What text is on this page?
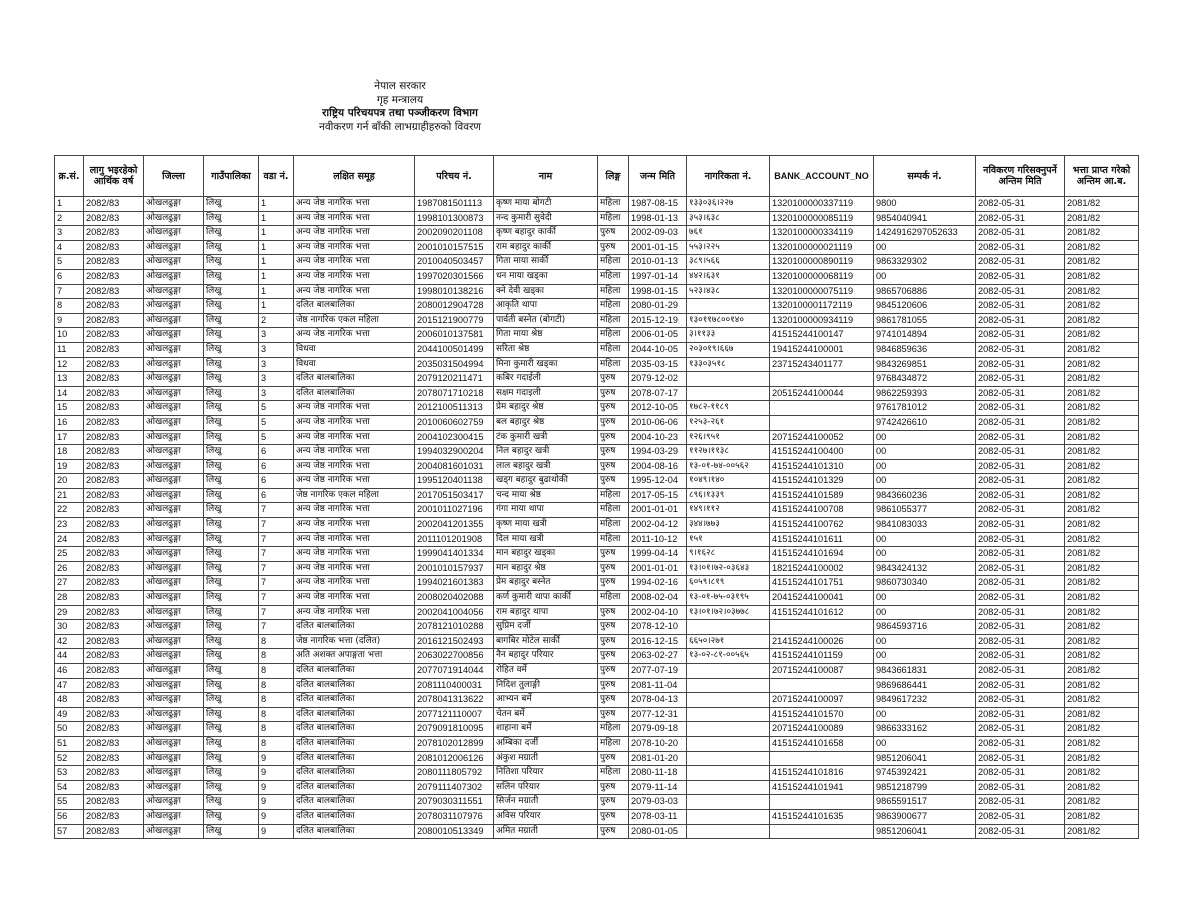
नेपाल सरकार
गृह मन्त्रालय
राष्ट्रिय परिचयपत्र तथा पञ्जीकरण विभाग
नवीकरण गर्न बाँकी लाभग्राहीहरुको विवरण
क्र.सं.	लागु भइरहेको आर्थिक वर्ष	जिल्ला	गाउँपालिका	वडा नं.	लक्षित समूह	परिचय नं.	नाम	लिङ्ग	जन्म मिति	नागरिकता नं.	BANK_ACCOUNT_NO	सम्पर्क नं.	नविकरण गरिसक्नुपर्ने अन्तिम मिति	भत्ता प्राप्त गरेको अन्तिम आ.ब.
1	2082/83	ओखलढुङ्गा	लिखु	1	अन्य जेष्ठ नागरिक भत्ता	1987081501113	कृष्ण माया बोगटी	महिला	1987-08-15	१३३०३६।२२७	1320100000337119	9800	2082-05-31	2081/82
2	2082/83	ओखलढुङ्गा	लिखु	1	अन्य जेष्ठ नागरिक भत्ता	1998101300873	नन्द कुमारी सुवेदी	महिला	1998-01-13	३५३।६३८	1320100000085119	9854040941	2082-05-31	2081/82
3	2082/83	ओखलढुङ्गा	लिखु	1	अन्य जेष्ठ नागरिक भत्ता	2002090201108	कृष्ण बहादुर कार्की	पुरुष	2002-09-03	७६१	1320100000334119	1424916297052633	2082-05-31	2081/82
4	2082/83	ओखलढुङ्गा	लिखु	1	अन्य जेष्ठ नागरिक भत्ता	2001010157515	राम बहादुर कार्की	पुरुष	2001-01-15	५५३।२२५	1320100000021119	00	2082-05-31	2081/82
5	2082/83	ओखलढुङ्गा	लिखु	1	अन्य जेष्ठ नागरिक भत्ता	2010040503457	गिता माया सार्की	महिला	2010-01-13	३८९।५६६	1320100000890119	9863329302	2082-05-31	2081/82
6	2082/83	ओखलढुङ्गा	लिखु	1	अन्य जेष्ठ नागरिक भत्ता	1997020301566	धन माया खड्का	महिला	1997-01-14	४४२।६३१	1320100000068119	00	2082-05-31	2081/82
7	2082/83	ओखलढुङ्गा	लिखु	1	अन्य जेष्ठ नागरिक भत्ता	1998010138216	क्ने देवी खड्का	महिला	1998-01-15	५२३।४३८	1320100000075119	9865706886	2082-05-31	2081/82
8	2082/83	ओखलढुङ्गा	लिखु	1	दलित बालबालिका	2080012904728	आकृति थापा	महिला	2080-01-29		1320100001172119	9845120606	2082-05-31	2081/82
9	2082/83	ओखलढुङ्गा	लिखु	2	जेष्ठ नागरिक एकल महिला	2015121900779	पार्वती बस्नेत (बोगटी)	महिला	2015-12-19	१३०११७८००१४०	1320100000934119	9861781055	2082-05-31	2081/82
10	2082/83	ओखलढुङ्गा	लिखु	3	अन्य जेष्ठ नागरिक भत्ता	2006010137581	गिता माया श्रेष्ठ	महिला	2006-01-05	३।११३३	41515244100147	9741014894	2082-05-31	2081/82
11	2082/83	ओखलढुङ्गा	लिखु	3	विधवा	2044100501499	सरिता श्रेष्ठ	महिला	2044-10-05	२०३०१९।६६७	19415244100001	9846859636	2082-05-31	2081/82
12	2082/83	ओखलढुङ्गा	लिखु	3	विधवा	2035031504994	मिना कुमारी खड्का	महिला	2035-03-15	१३३०३५१८	23715243401177	9843269851	2082-05-31	2081/82
13	2082/83	ओखलढुङ्गा	लिखु	3	दलित बालबालिका	2079120211471	कबिर गदाईली	पुरुष	2079-12-02			9768434872	2082-05-31	2081/82
14	2082/83	ओखलढुङ्गा	लिखु	3	दलित बालबालिका	2078071710218	सक्षम गदाइली	पुरुष	2078-07-17		20515244100044	9862259393	2082-05-31	2081/82
15	2082/83	ओखलढुङ्गा	लिखु	5	अन्य जेष्ठ नागरिक भत्ता	2012100511313	प्रेम बहादुर श्रेष्ठ	पुरुष	2012-10-05	१७८२-११८९		9761781012	2082-05-31	2081/82
16	2082/83	ओखलढुङ्गा	लिखु	5	अन्य जेष्ठ नागरिक भत्ता	2010060602759	बल बहादुर श्रेष्ठ	पुरुष	2010-06-06	१२५३-२६१		9742426610	2082-05-31	2081/82
17	2082/83	ओखलढुङ्गा	लिखु	5	अन्य जेष्ठ नागरिक भत्ता	2004102300415	टंक कुमारी खत्री	पुरुष	2004-10-23	१२६।९५१	20715244100052	00	2082-05-31	2081/82
18	2082/83	ओखलढुङ्गा	लिखु	6	अन्य जेष्ठ नागरिक भत्ता	1994032900204	निल बहादुर खत्री	पुरुष	1994-03-29	११२७।११३८	41515244100400	00	2082-05-31	2081/82
19	2082/83	ओखलढुङ्गा	लिखु	6	अन्य जेष्ठ नागरिक भत्ता	2004081601031	लाल बहादुर खत्री	पुरुष	2004-08-16	१३-०१-७४-००५६२	41515244101310	00	2082-05-31	2081/82
20	2082/83	ओखलढुङ्गा	लिखु	6	अन्य जेष्ठ नागरिक भत्ता	1995120401138	खड्ग बहादुर बुढाथोकी	पुरुष	1995-12-04	१०४९।१४०	41515244101329	00	2082-05-31	2081/82
21	2082/83	ओखलढुङ्गा	लिखु	6	जेष्ठ नागरिक एकल महिला	2017051503417	चन्द माया श्रेष्ठ	महिला	2017-05-15	८९६।१३३९	41515244101589	9843660236	2082-05-31	2081/82
22	2082/83	ओखलढुङ्गा	लिखु	7	अन्य जेष्ठ नागरिक भत्ता	2001011027196	गंगा माया थापा	महिला	2001-01-01	१४९।११२	41515244100708	9861055377	2082-05-31	2081/82
23	2082/83	ओखलढुङ्गा	लिखु	7	अन्य जेष्ठ नागरिक भत्ता	2002041201355	कृष्ण माया खत्री	महिला	2002-04-12	३४४।७७३	41515244100762	9841083033	2082-05-31	2081/82
24	2082/83	ओखलढुङ्गा	लिखु	7	अन्य जेष्ठ नागरिक भत्ता	2011101201908	दिल माया खत्री	महिला	2011-10-12	१५१	41515244101611	00	2082-05-31	2081/82
25	2082/83	ओखलढुङ्गा	लिखु	7	अन्य जेष्ठ नागरिक भत्ता	1999041401334	मान बहादुर खड्का	पुरुष	1999-04-14	९।१६२८	41515244101694	00	2082-05-31	2081/82
26	2082/83	ओखलढुङ्गा	लिखु	7	अन्य जेष्ठ नागरिक भत्ता	2001010157937	मान बहादुर श्रेष्ठ	पुरुष	2001-01-01	१३।०१।७२-०३६४३	18215244100002	9843424132	2082-05-31	2081/82
27	2082/83	ओखलढुङ्गा	लिखु	7	अन्य जेष्ठ नागरिक भत्ता	1994021601383	प्रेम बहादुर बस्नेत	पुरुष	1994-02-16	६०५९।८१९	41515244101751	9860730340	2082-05-31	2081/82
28	2082/83	ओखलढुङ्गा	लिखु	7	अन्य जेष्ठ नागरिक भत्ता	2008020402088	कर्ण कुमारी थापा कार्की	महिला	2008-02-04	१३-०१-७५-०३१९५	20415244100041	00	2082-05-31	2081/82
29	2082/83	ओखलढुङ्गा	लिखु	7	अन्य जेष्ठ नागरिक भत्ता	2002041004056	राम बहादुर थापा	पुरुष	2002-04-10	१३।०१।७२।०३७७८	41515244101612	00	2082-05-31	2081/82
30	2082/83	ओखलढुङ्गा	लिखु	7	दलित बालबालिका	2078121010288	सुप्रिम दर्जी	पुरुष	2078-12-10			9864593716	2082-05-31	2081/82
42	2082/83	ओखलढुङ्गा	लिखु	8	जेष्ठ नागरिक भत्ता (दलित)	2016121502493	बागबिर मोटेल सार्की	पुरुष	2016-12-15	६६५०।२७१	21415244100026	00	2082-05-31	2081/82
44	2082/83	ओखलढुङ्गा	लिखु	8	अति अशक्त अपाङ्गता भत्ता	2063022700856	नैन बहादुर परियार	पुरुष	2063-02-27	१३-०२-८१-००५६५	41515244101159	00	2082-05-31	2081/82
46	2082/83	ओखलढुङ्गा	लिखु	8	दलित बालबालिका	2077071914044	रोहित वर्मे	पुरुष	2077-07-19		20715244100087	9843661831	2082-05-31	2081/82
47	2082/83	ओखलढुङ्गा	लिखु	8	दलित बालबालिका	2081110400031	निदिश तुलाङ्गी	पुरुष	2081-11-04			9869686441	2082-05-31	2081/82
48	2082/83	ओखलढुङ्गा	लिखु	8	दलित बालबालिका	2078041313622	आभ्यन बर्मे	पुरुष	2078-04-13		20715244100097	9849617232	2082-05-31	2081/82
49	2082/83	ओखलढुङ्गा	लिखु	8	दलित बालबालिका	2077121110007	चेतन बर्मे	पुरुष	2077-12-31		41515244101570	00	2082-05-31	2081/82
50	2082/83	ओखलढुङ्गा	लिखु	8	दलित बालबालिका	2079091810095	शाहाना बर्मे	महिला	2079-09-18		20715244100089	9866333162	2082-05-31	2081/82
51	2082/83	ओखलढुङ्गा	लिखु	8	दलित बालबालिका	2078102012899	अम्बिका दर्जी	महिला	2078-10-20		41515244101658	00	2082-05-31	2081/82
52	2082/83	ओखलढुङ्गा	लिखु	9	दलित बालबालिका	2081012006126	अंकुश मग्राती	पुरुष	2081-01-20			9851206041	2082-05-31	2081/82
53	2082/83	ओखलढुङ्गा	लिखु	9	दलित बालबालिका	2080111805792	नितिशा परियार	महिला	2080-11-18		41515244101816	9745392421	2082-05-31	2081/82
54	2082/83	ओखलढुङ्गा	लिखु	9	दलित बालबालिका	2079111407302	सलिन परियार	पुरुष	2079-11-14		41515244101941	9851218799	2082-05-31	2081/82
55	2082/83	ओखलढुङ्गा	लिखु	9	दलित बालबालिका	2079030311551	सिर्जन मग्राती	पुरुष	2079-03-03			9865591517	2082-05-31	2081/82
56	2082/83	ओखलढुङ्गा	लिखु	9	दलित बालबालिका	2078031107976	अविस परियार	पुरुष	2078-03-11		41515244101635	9863900677	2082-05-31	2081/82
57	2082/83	ओखलढुङ्गा	लिखु	9	दलित बालबालिका	2080010513349	अमित मग्राती	पुरुष	2080-01-05			9851206041	2082-05-31	2081/82
